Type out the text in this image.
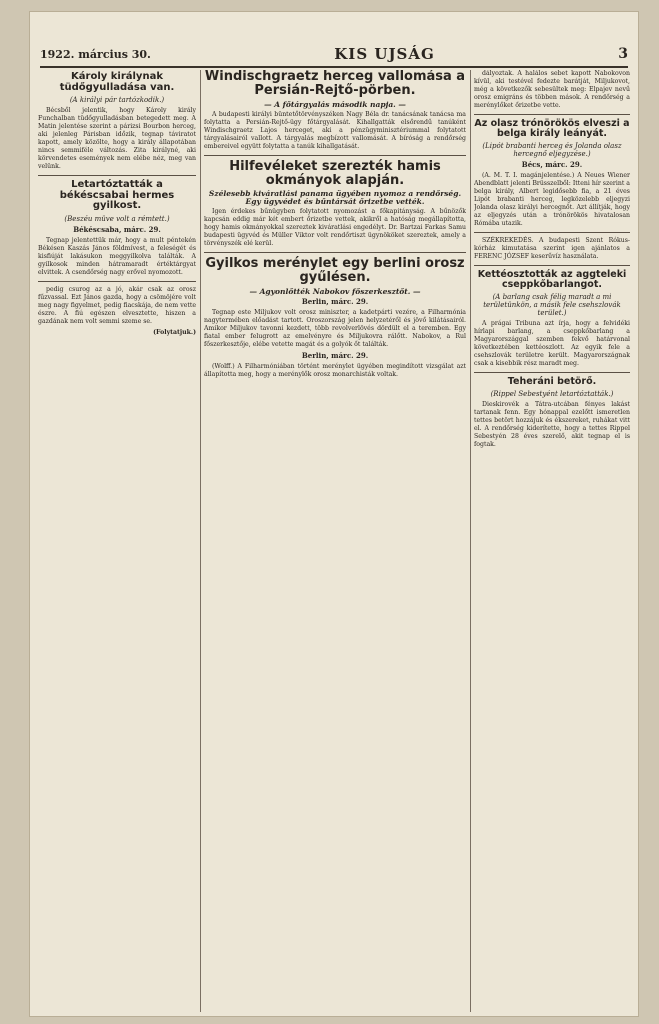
1922. március 30.	KIS UJSÁG	3
Károly királynak tüdőgyulladása van.
(A királyi pár tartózkodik.)

Bécsből jelentik, hogy Károly király Funchalban tüdőgyulladásban betegedett meg. A Matin jelentése szerint a párizsi Bourbon herceg, aki jelenleg Párisban időzik, tegnap táviratot kapott, amely közölte, hogy a király állapotában nincs semmiféle változás. Zita királyné, aki körvendetes események nem elébe néz, meg van velünk.

Letartóztatták a békéscsabai hermes gyilkost.
(Beszéu müve volt a rémtett.)
Békéscsaba, márc. 29.

Tegnap jelentettük már, hogy a mult péntekén Békésen Kaszás János földmívest, a feleségét és kisfiúját lakásukon meggyilkolva találták. A gyilkosok minden hátramaradt értéktárgyat elvittek. A csendőrség nagy erővel nyomozott.

pedig csurog az a jó, akár csak az orosz fűzvassal. Ezt János gazda, hogy a csömöjére volt meg nagy figyelmet, pedig fiacskája, de nem vette észre. A fiú egészen elvesztette, hiszen a gazdának nem volt semmi szeme se.

(Folytatjuk.)
Windischgraetz herceg vallomása a Persián-Rejtő-pörben.
— A főtárgyalás második napja. —

A budapesti királyi büntetőtörvényszéken Nagy Béla dr. tanácsának tanácsa ma folytatta a Persián-Rejtő-ügy főtárgyalását. Kihallgatták elsőrendű tanúként Windischgraetz Lajos herceget, aki a pénzügyminisztériummal folytatott tárgyalásairól vallott. A tárgyalás megbízott vallomását. A bíróság a rendőrség embereivel együtt folytatta a tanúk kihallgatását.

Hilfevéleket szerezték hamis okmányok alapján.
Szélesebb kiváratlási panama ügyében nyomoz a rendőrség. Egy ügyvédet és bűntársát őrizetbe vették.

Igen érdekes bűnügyben folytatott nyomozást a főkapitányság. A bűnözők kapcsán eddig már két embert őrizetbe vettek, akikről a hatóság megállapította, hogy hamis okmányokkal szereztek kiváratlási engedélyt. Dr. Bartzai Farkas Samu budapesti ügyvéd és Müller Viktor volt rendőrtiszt ügynököket szereztek, amely a törvényszék elé kerül.

Gyilkos merénylet egy berlini orosz gyűlésen.
— Agyonlőtték Nabokov főszerkesztőt. —
Berlin, márc. 29.

Tegnap este Miljukov volt orosz miniszter, a kadetpárti vezére, a Filharmónia nagytermében előadást tartott. Oroszország jelen helyzetéről és jövő kilátásairól. Amikor Miljukov tavonni kezdett, több revolverlövés dördült el a teremben. Egy fiatal ember felugrott az emelvényre és Miljukovra rálőtt. Nabokov, a Rul főszerkesztője, elébe vetette magát és a golyók őt találták.

Berlin, márc. 29.

(Wolff.) A Filharmóniában történt merénylet ügyében megindított vizsgálat azt állapította meg, hogy a merénylők orosz monarchisták voltak.

dályoztak. A halálos sebet kapott Nabokovon kívül, aki testével fedezte barátját, Miljukovot, még a következők sebesültek meg: Elpajev nevű orosz emigráns és többen mások. A rendőrség a merénylőket őrizetbe vette.

Az olasz trónörökös elveszi a belga király leányát.
(Lipót brabanti herceg és Jolanda olasz hercegnő eljegyzése.)
Bécs, márc. 29.

(A. M. T. I. magánjelentése.) A Neues Wiener Abendblatt jelenti Brüsszelből: Itteni hír szerint a belga király, Albert legidősebb fia, a 21 éves Lipót brabanti herceg, legközelebb eljegyzi Jolanda olasz királyi hercegnőt. Azt állítják, hogy az eljegyzés után a trónörökös hivatalosan Rómába utazik.

SZÉKREKEDÉS. A budapesti Szent Rókus-kórház kimutatása szerint igen ajánlatos a FERENC JÓZSEF keserűvíz használata.

Kettéosztották az aggteleki cseppkőbarlangot.
(A barlang csak félig maradt a mi területünkön, a másik fele csehszlovák terület.)

A prágai Tribuna azt írja, hogy a felvidéki hírlapi barlang, a cseppkőbarlang a Magyarországgal szemben fekvő határvonal következtében kettéoszlott. Az egyik fele a csehszlovák területre került. Magyarországnak csak a kisebbik rész maradt meg.

Teheráni betörő.
(Rippel Sebestyént letartóztatták.)

Dieskirovék a Tátra-utcában fényes lakást tartanak fenn. Egy hónappal ezelőtt ismeretlen tettes betört hozzájuk és ékszereket, ruhákat vitt el. A rendőrség kiderítette, hogy a tettes Rippel Sebestyén 28 éves szerelő, akit tegnap el is fogtak.
